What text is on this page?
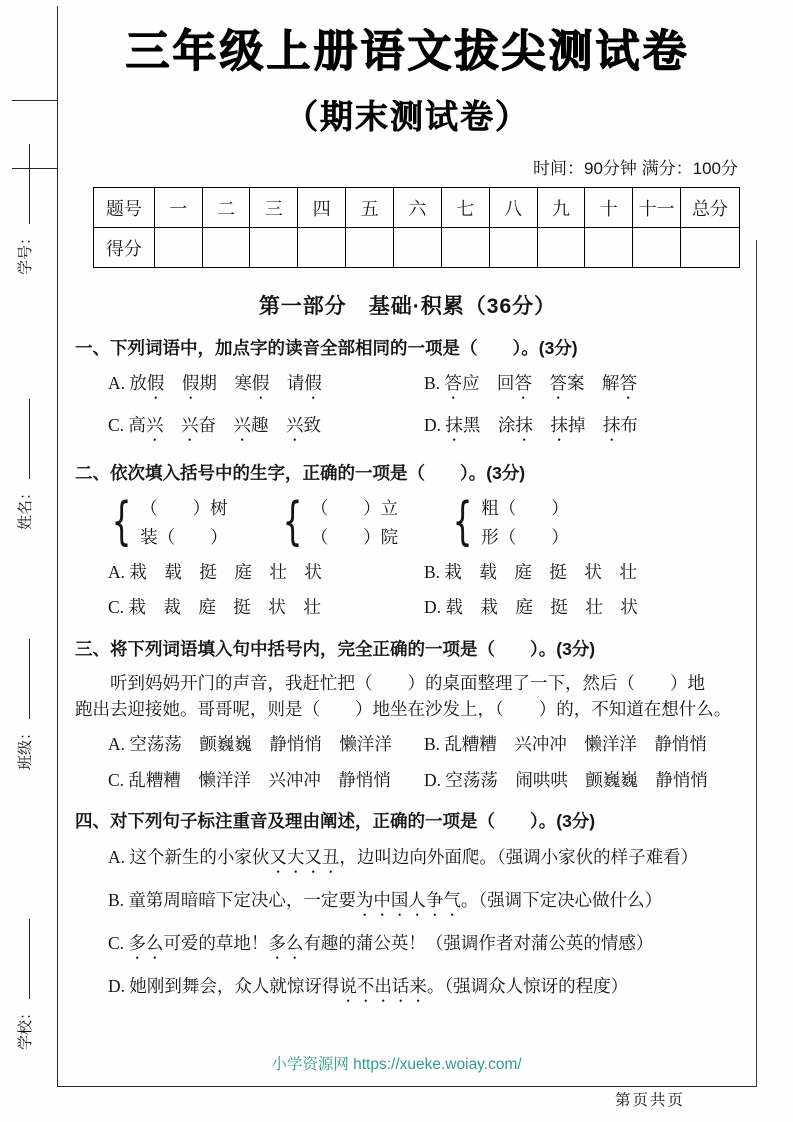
学号：
姓名：
班级：
学校：
三年级上册语文拔尖测试卷
（期末测试卷）
时间：90分钟 满分：100分
题号	一	二	三	四	五	六	七	八	九	十	十一	总分
得分												
第一部分　基础·积累（36分）
一、下列词语中，加点字的读音全部相同的一项是（　　）。(3分)
A. 放假　 假期　寒假　请假	B. 答应　回答　 答案　解答
C. 高兴　 兴奋　兴趣　兴致	D. 抹黑　涂抹　 抹掉　抹布
二、依次填入括号中的生字，正确的一项是（　　）。(3分)
{ （　　）树
装（　　） { （　　）立
（　　）院 { 粗（　　）
形（　　）
A. 栽　载　挺　庭　壮　状	B. 栽　载　庭　挺　状　壮
C. 栽　裁　庭　挺　状　壮	D. 载　栽　庭　挺　壮　状
三、将下列词语填入句中括号内，完全正确的一项是（　　）。(3分)
听到妈妈开门的声音，我赶忙把（　　）的桌面整理了一下，然后（　　）地
跑出去迎接她。哥哥呢，则是（　　）地坐在沙发上，（　　）的，不知道在想什么。
A. 空荡荡　颤巍巍　静悄悄　懒洋洋	B. 乱糟糟　兴冲冲　懒洋洋　静悄悄
C. 乱糟糟　懒洋洋　兴冲冲　静悄悄	D. 空荡荡　闹哄哄　颤巍巍　静悄悄
四、对下列句子标注重音及理由阐述，正确的一项是（　　）。(3分)
A. 这个新生的小家伙又大又丑，边叫边向外面爬。（强调小家伙的样子难看）
B. 童第周暗暗下定决心，一定要为中国人争气。（强调下定决心做什么）
C. 多么可爱的草地！多么有趣的蒲公英！（强调作者对蒲公英的情感）
D. 她刚到舞会，众人就惊讶得说不出话来。（强调众人惊讶的程度）
小学资源网 https://xueke.woiay.com/
第页共页
